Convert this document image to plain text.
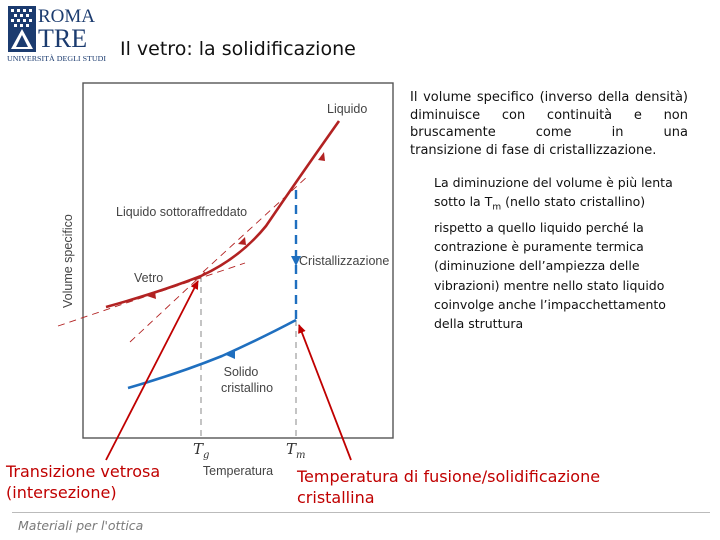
ROMA
TRE
UNIVERSITÀ DEGLI STUDI Il vetro: la solidificazione
Liquido
Liquido sottoraffreddato
Cristallizzazione
Vetro
Solido
cristallino
Volume specifico
Temperatura
$T_g$	$T_m$
Il volume specifico (inverso della densità) diminuisce con continuità e non bruscamente come in una
transizione di fase di cristallizzazione.
La diminuzione del volume è più lenta sotto la $T_m$ (nello stato cristallino) rispetto a quello liquido perché la contrazione è puramente termica (diminuzione dell’ampiezza delle vibrazioni) mentre nello stato liquido coinvolge anche l’impacchettamento della struttura
Transizione vetrosa
(intersezione)
Temperatura di fusione/solidificazione
cristallina
Materiali per l'ottica
